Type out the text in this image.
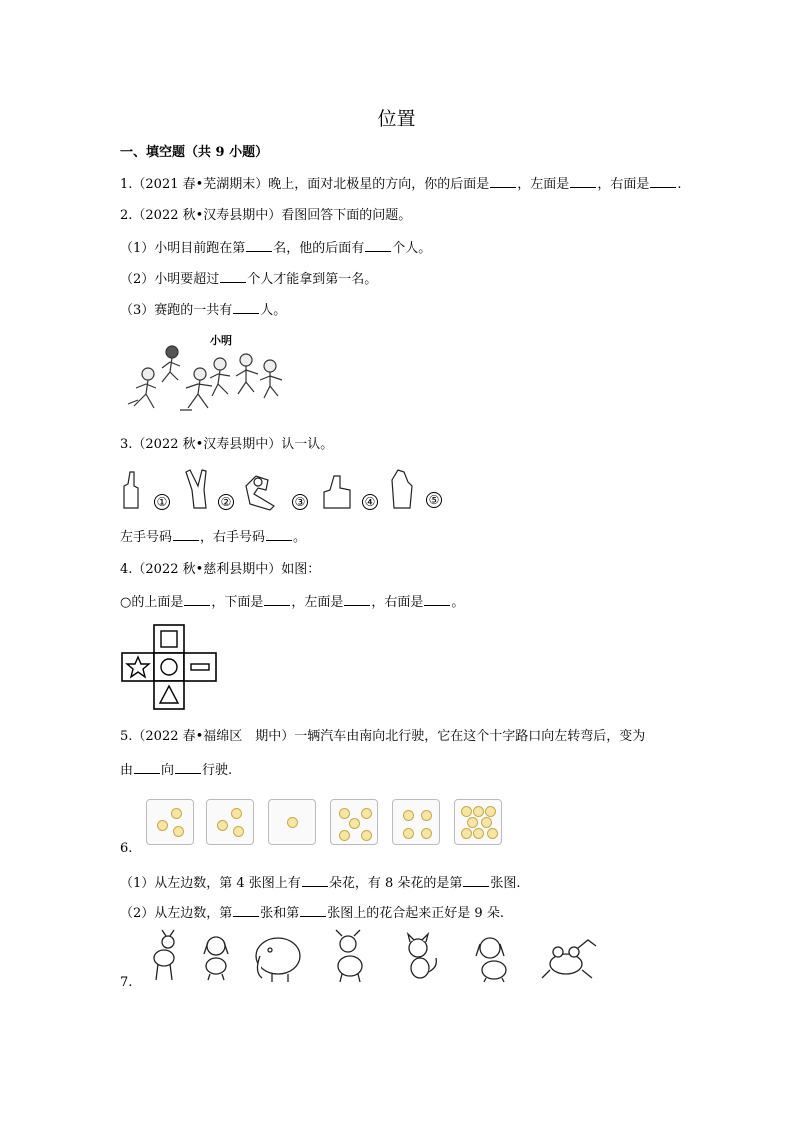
位置
一、填空题（共 9 小题）
1.（2021 春•芜湖期末）晚上，面对北极星的方向，你的后面是 ，左面是 ，右面是 .
2.（2022 秋•汉寿县期中）看图回答下面的问题。
（1）小明目前跑在第 名，他的后面有 个人。
（2）小明要超过 个人才能拿到第一名。
（3）赛跑的一共有 人。
小明
3.（2022 秋•汉寿县期中）认一认。
①	②	③	④	⑤
左手号码 ，右手号码 。
4.（2022 秋•慈利县期中）如图：
○的上面是 ，下面是 ，左面是 ，右面是 。
5.（2022 春•福绵区　期中）一辆汽车由南向北行驶，它在这个十字路口向左转弯后，变为
由 向 行驶.
6.
（1）从左边数，第 4 张图上有 朵花，有 8 朵花的是第 张图.
（2）从左边数，第 张和第 张图上的花合起来正好是 9 朵.
7.
